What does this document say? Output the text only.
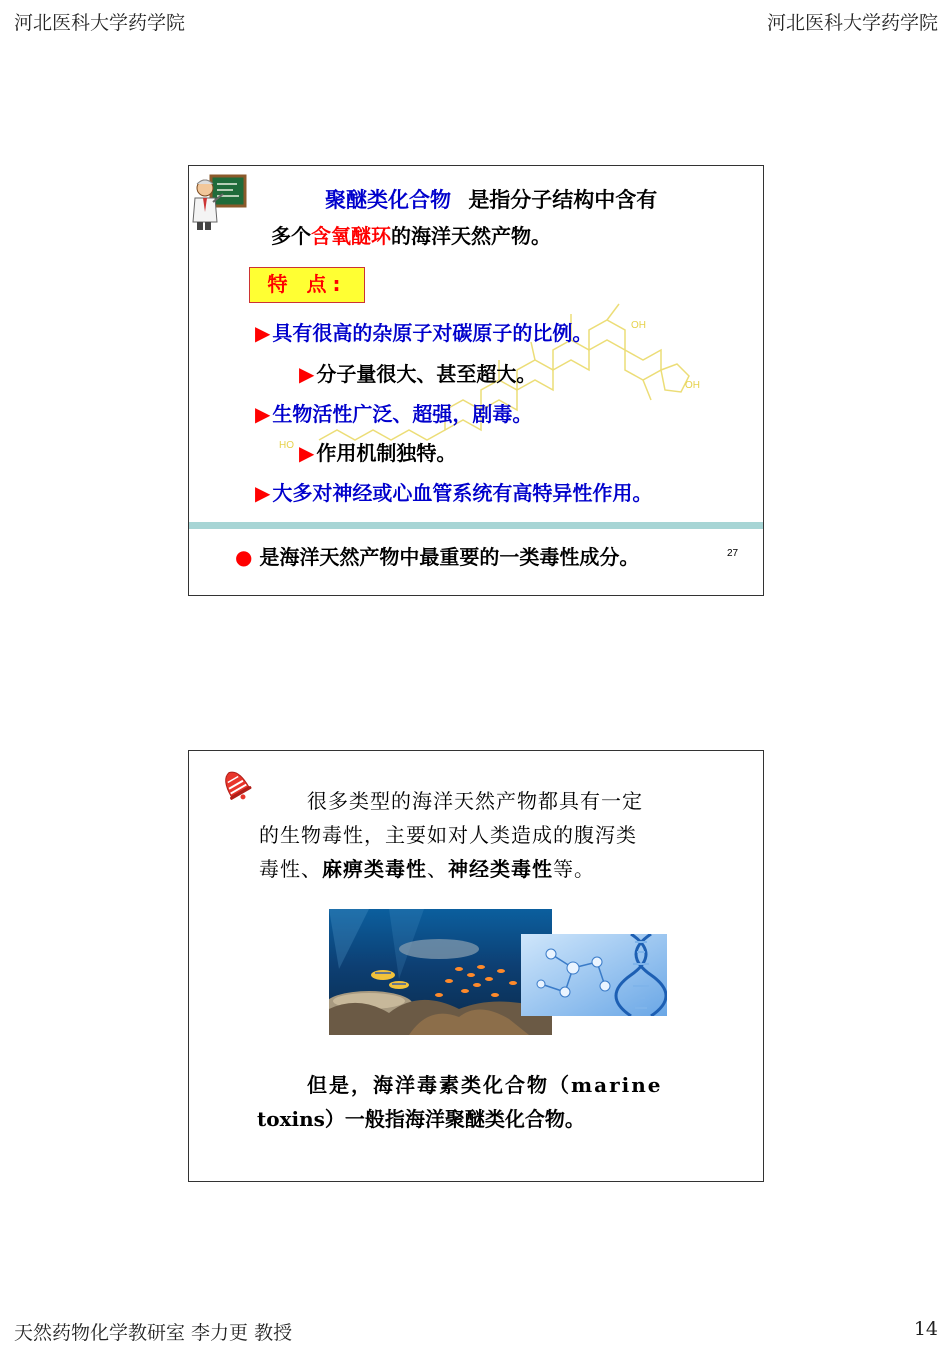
河北医科大学药学院	河北医科大学药学院
OH
OH
HO
聚醚类化合物 是指分子结构中含有
多个含氧醚环的海洋天然产物。
特 点:
▶ 具有很高的杂原子对碳原子的比例。
▶ 分子量很大、甚至超大。
▶ 生物活性广泛、超强，剧毒。
▶ 作用机制独特。
▶ 大多对神经或心血管系统有高特异性作用。
● 是海洋天然产物中最重要的一类毒性成分。	27
很多类型的海洋天然产物都具有一定
的生物毒性，主要如对人类造成的腹泻类
毒性、麻痹类毒性、神经类毒性等。
但是，海洋毒素类化合物（marine
toxins）一般指海洋聚醚类化合物。
天然药物化学教研室 李力更 教授	14
